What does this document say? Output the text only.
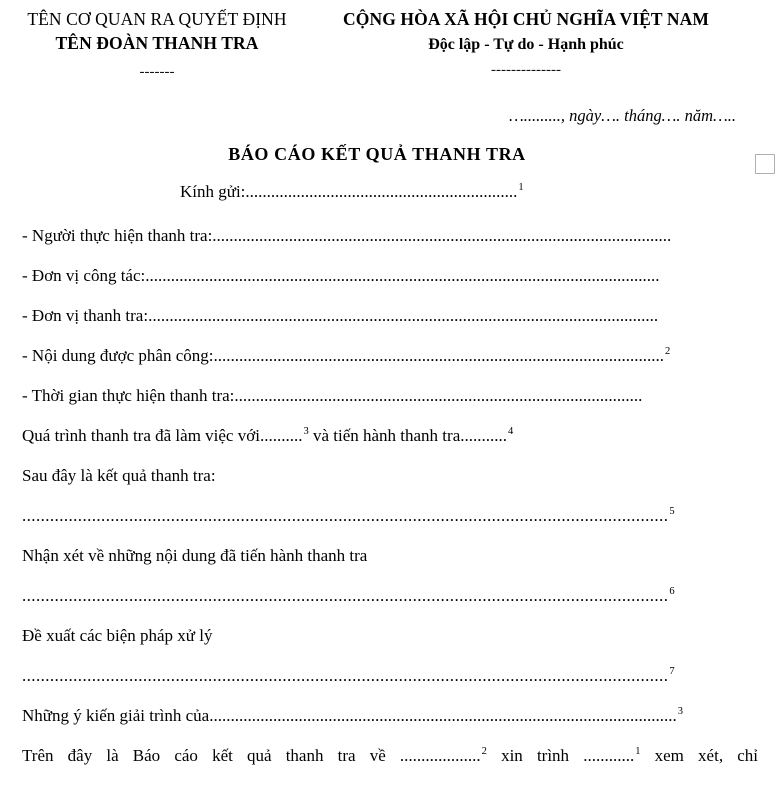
TÊN CƠ QUAN RA QUYẾT ĐỊNH
TÊN ĐOÀN THANH TRA
-------
CỘNG HÒA XÃ HỘI CHỦ NGHĨA VIỆT NAM
Độc lập - Tự do - Hạnh phúc
--------------
…........., ngày…. tháng…. năm…..
BÁO CÁO KẾT QUẢ THANH TRA
Kính gửi:................................................................$^1$
- Người thực hiện thanh tra:............................................................................................................
- Đơn vị công tác:.........................................................................................................................
- Đơn vị thanh tra:........................................................................................................................
- Nội dung được phân công:..........................................................................................................$^2$
- Thời gian thực hiện thanh tra:................................................................................................
Quá trình thanh tra đã làm việc với..........$^3$ và tiến hành thanh tra...........$^4$
Sau đây là kết quả thanh tra:
...........................................................................................................................................$^5$
Nhận xét về những nội dung đã tiến hành thanh tra
...........................................................................................................................................$^6$
Đề xuất các biện pháp xử lý
...........................................................................................................................................$^7$
Những ý kiến giải trình của..............................................................................................................$^3$
Trên đây là Báo cáo kết quả thanh tra về ...................$^2$ xin trình ............$^1$ xem xét, chỉ
